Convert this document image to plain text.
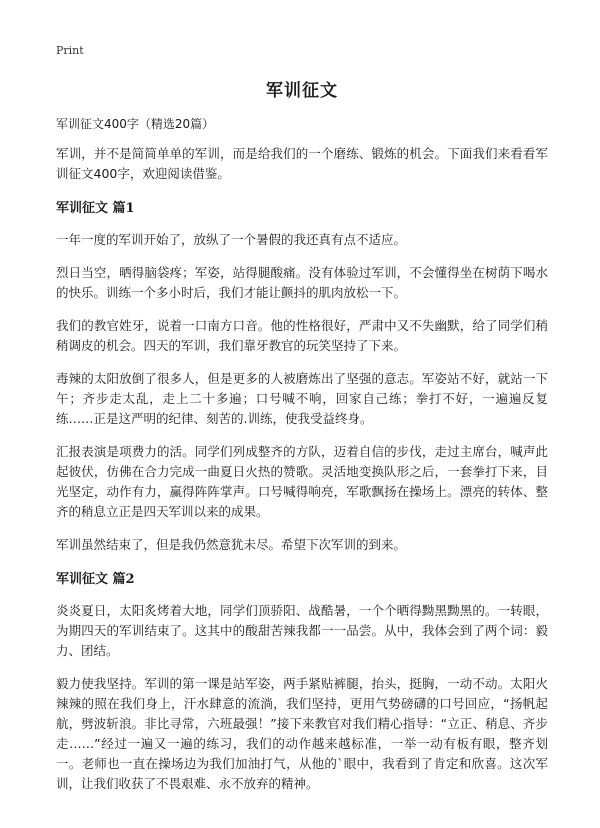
Print
军训征文
军训征文400字（精选20篇）

军训，并不是简简单单的军训，而是给我们的一个磨练、锻炼的机会。下面我们来看看军训征文400字，欢迎阅读借鉴。

军训征文 篇1

一年一度的军训开始了，放纵了一个暑假的我还真有点不适应。

烈日当空，晒得脑袋疼；军姿，站得腿酸痛。没有体验过军训，不会懂得坐在树荫下喝水的快乐。训练一个多小时后，我们才能让颤抖的肌肉放松一下。

我们的教官姓牙，说着一口南方口音。他的性格很好，严肃中又不失幽默，给了同学们稍稍调皮的机会。四天的军训，我们靠牙教官的玩笑坚持了下来。

毒辣的太阳放倒了很多人，但是更多的人被磨炼出了坚强的意志。军姿站不好，就站一下午；齐步走太乱，走上二十多遍；口号喊不响，回家自己练；拳打不好，一遍遍反复练……正是这严明的纪律、刻苦的.训练，使我受益终身。

汇报表演是项费力的活。同学们列成整齐的方队，迈着自信的步伐，走过主席台，喊声此起彼伏，仿佛在合力完成一曲夏日火热的赞歌。灵活地变换队形之后，一套拳打下来，目光坚定，动作有力，赢得阵阵掌声。口号喊得响亮，军歌飘扬在操场上。漂亮的转体、整齐的稍息立正是四天军训以来的成果。

军训虽然结束了，但是我仍然意犹未尽。希望下次军训的到来。

军训征文 篇2

炎炎夏日，太阳炙烤着大地，同学们顶骄阳、战酷暑，一个个晒得黝黑黝黑的。一转眼，为期四天的军训结束了。这其中的酸甜苦辣我都一一品尝。从中，我体会到了两个词：毅力、团结。

毅力使我坚持。军训的第一课是站军姿，两手紧贴裤腿，抬头，挺胸，一动不动。太阳火辣辣的照在我们身上，汗水肆意的流淌，我们坚持，更用气势磅礴的口号回应，“扬帆起航，劈波斩浪。非比寻常，六班最强！”接下来教官对我们精心指导：“立正、稍息、齐步走……”经过一遍又一遍的练习，我们的动作越来越标准，一举一动有板有眼，整齐划一。老师也一直在操场边为我们加油打气，从他的`眼中，我看到了肯定和欣喜。这次军训，让我们收获了不畏艰难、永不放弃的精神。
